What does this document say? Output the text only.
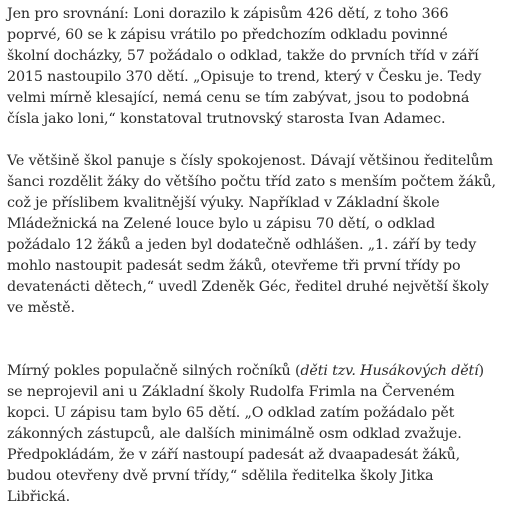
Jen pro srovnání: Loni dorazilo k zápisům 426 dětí, z toho 366
poprvé, 60 se k zápisu vrátilo po předchozím odkladu povinné
školní docházky, 57 požádalo o odklad, takže do prvních tříd v září
2015 nastoupilo 370 dětí. „Opisuje to trend, který v Česku je. Tedy
velmi mírně klesající, nemá cenu se tím zabývat, jsou to podobná
čísla jako loni,“ konstatoval trutnovský starosta Ivan Adamec.

Ve většině škol panuje s čísly spokojenost. Dávají většinou ředitelům
šanci rozdělit žáky do většího počtu tříd zato s menším počtem žáků,
což je příslibem kvalitnější výuky. Například v Základní škole
Mládežnická na Zelené louce bylo u zápisu 70 dětí, o odklad
požádalo 12 žáků a jeden byl dodatečně odhlášen. „1. září by tedy
mohlo nastoupit padesát sedm žáků, otevřeme tři první třídy po
devatenácti dětech,“ uvedl Zdeněk Géc, ředitel druhé největší školy
ve městě.

Mírný pokles populačně silných ročníků (děti tzv. Husákových dětí)
se neprojevil ani u Základní školy Rudolfa Frimla na Červeném
kopci. U zápisu tam bylo 65 dětí. „O odklad zatím požádalo pět
zákonných zástupců, ale dalších minimálně osm odklad zvažuje.
Předpokládám, že v září nastoupí padesát až dvaapadesát žáků,
budou otevřeny dvě první třídy,“ sdělila ředitelka školy Jitka
Libřická.
